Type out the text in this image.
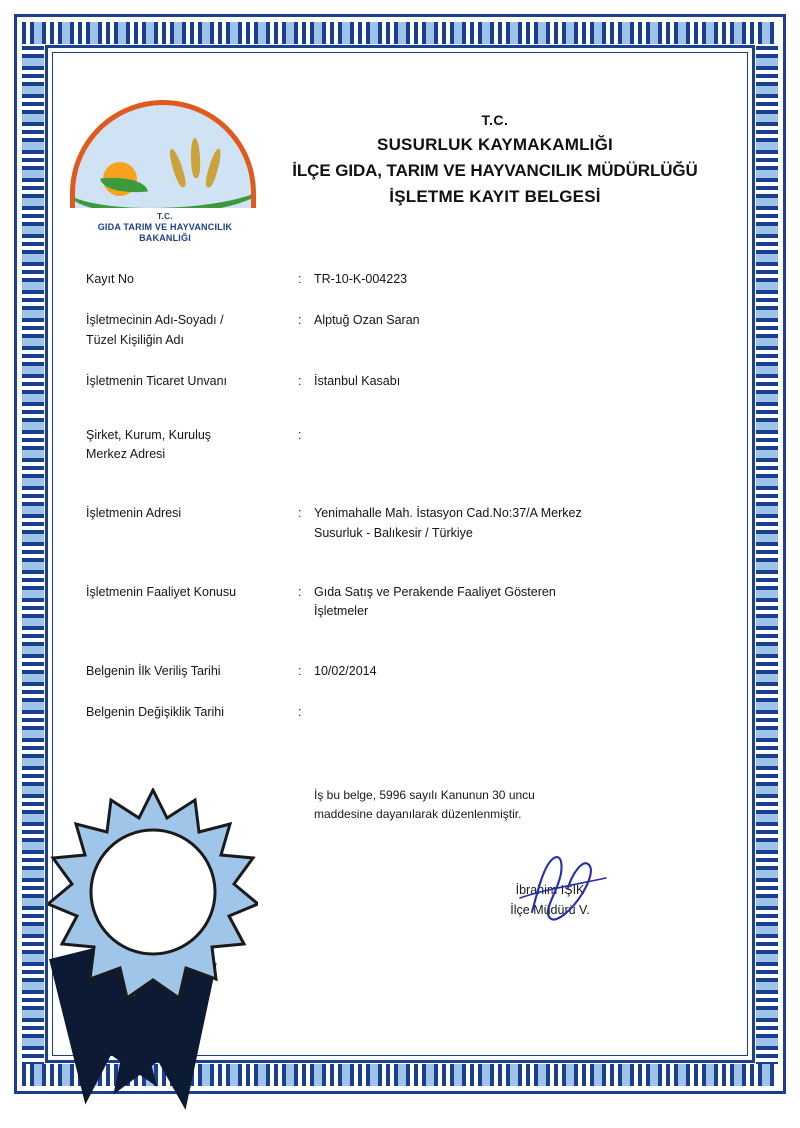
T.C.
GIDA TARIM VE HAYVANCILIK
BAKANLIĞI
T.C.
SUSURLUK KAYMAKAMLIĞI
İLÇE GIDA, TARIM VE HAYVANCILIK MÜDÜRLÜĞÜ
İŞLETME KAYIT BELGESİ
Kayıt No	:	TR-10-K-004223
İşletmecinin Adı-Soyadı /
Tüzel Kişiliğin Adı
:	Alptuğ Ozan Saran
İşletmenin Ticaret Unvanı	:	İstanbul Kasabı
Şirket, Kurum, Kuruluş
Merkez Adresi
:
İşletmenin Adresi	:	Yenimahalle Mah. İstasyon Cad.No:37/A Merkez
Susurluk - Balıkesir / Türkiye
İşletmenin Faaliyet Konusu	:	Gıda Satış ve Perakende Faaliyet Gösteren
İşletmeler
Belgenin İlk Veriliş Tarihi	:	10/02/2014
Belgenin Değişiklik Tarihi	:
İş bu belge, 5996 sayılı Kanunun 30 uncu
maddesine dayanılarak düzenlenmiştir.
İbrahim IŞIK
İlçe Müdürü V.
